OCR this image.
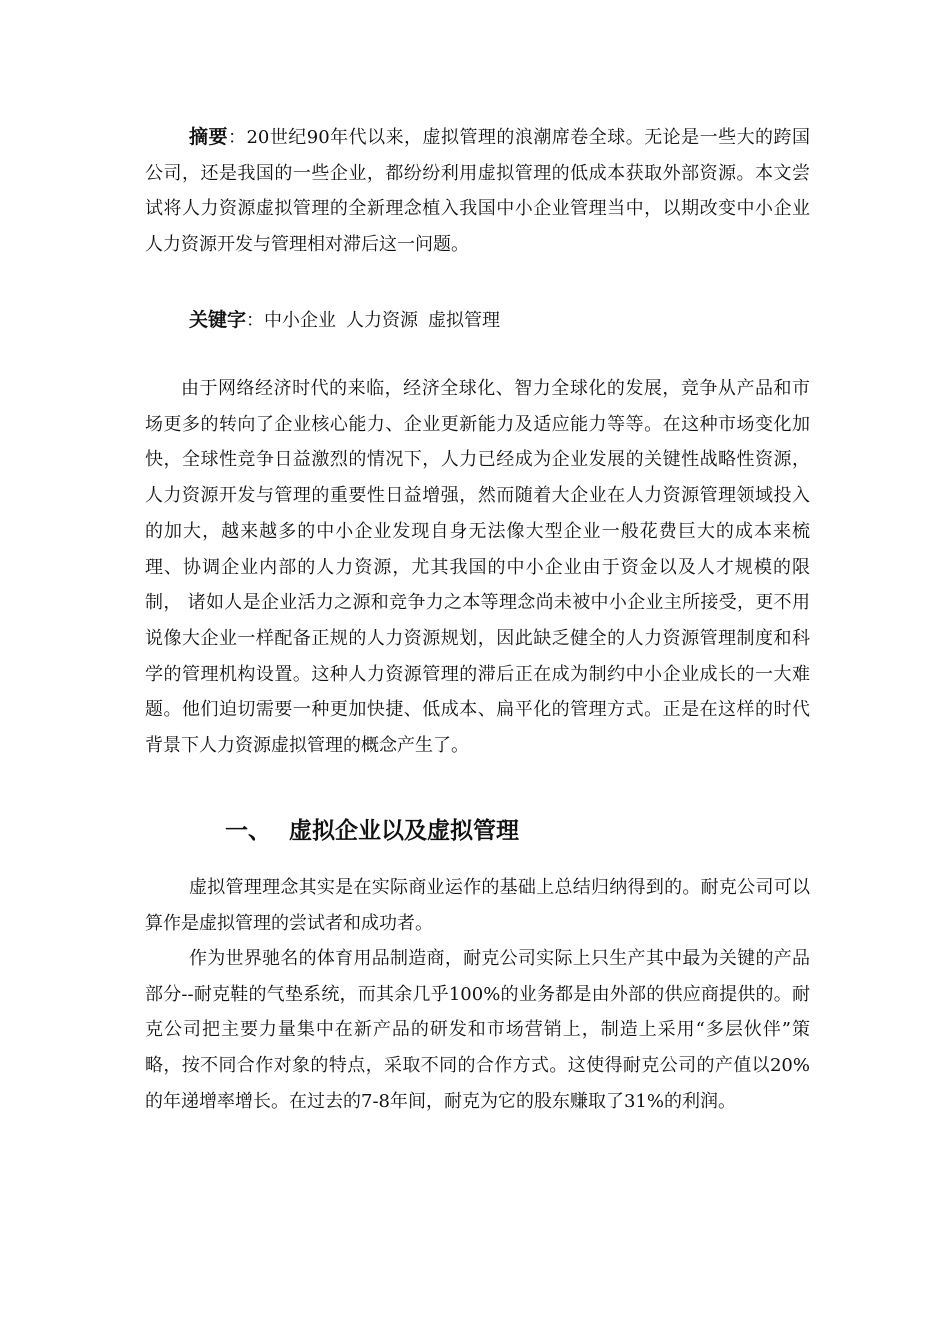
摘要：20世纪90年代以来，虚拟管理的浪潮席卷全球。无论是一些大的跨国公司，还是我国的一些企业，都纷纷利用虚拟管理的低成本获取外部资源。本文尝试将人力资源虚拟管理的全新理念植入我国中小企业管理当中，以期改变中小企业人力资源开发与管理相对滞后这一问题。

关键字：中小企业 人力资源 虚拟管理

由于网络经济时代的来临，经济全球化、智力全球化的发展，竞争从产品和市场更多的转向了企业核心能力、企业更新能力及适应能力等等。在这种市场变化加快，全球性竞争日益激烈的情况下，人力已经成为企业发展的关键性战略性资源，人力资源开发与管理的重要性日益增强，然而随着大企业在人力资源管理领域投入的加大，越来越多的中小企业发现自身无法像大型企业一般花费巨大的成本来梳理、协调企业内部的人力资源，尤其我国的中小企业由于资金以及人才规模的限制， 诸如人是企业活力之源和竞争力之本等理念尚未被中小企业主所接受，更不用说像大企业一样配备正规的人力资源规划，因此缺乏健全的人力资源管理制度和科学的管理机构设置。这种人力资源管理的滞后正在成为制约中小企业成长的一大难题。他们迫切需要一种更加快捷、低成本、扁平化的管理方式。正是在这样的时代背景下人力资源虚拟管理的概念产生了。

一、 虚拟企业以及虚拟管理

虚拟管理理念其实是在实际商业运作的基础上总结归纳得到的。耐克公司可以算作是虚拟管理的尝试者和成功者。

作为世界驰名的体育用品制造商，耐克公司实际上只生产其中最为关键的产品部分--耐克鞋的气垫系统，而其余几乎100%的业务都是由外部的供应商提供的。耐克公司把主要力量集中在新产品的研发和市场营销上，制造上采用“多层伙伴”策略，按不同合作对象的特点，采取不同的合作方式。这使得耐克公司的产值以20%的年递增率增长。在过去的7-8年间，耐克为它的股东赚取了31%的利润。
